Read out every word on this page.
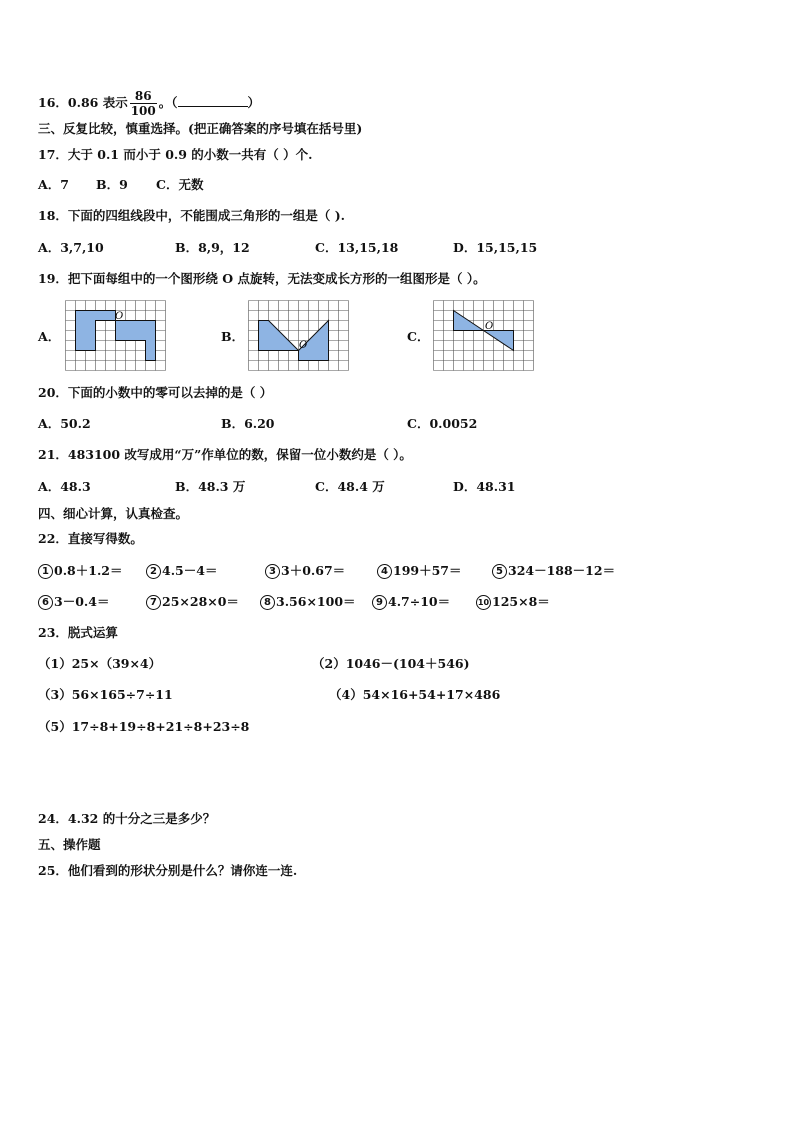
16．0.86 表示 $\frac{86}{100}$ 。（	）
三、反复比较，慎重选择。(把正确答案的序号填在括号里)
17．大于 0.1 而小于 0.9 的小数一共有（ ）个.
A．7 B．9 C．无数
18．下面的四组线段中，不能围成三角形的一组是（ ).
A．3,7,10	B．8,9，12	C．13,15,18	D．15,15,15
19．把下面每组中的一个图形绕 O 点旋转，无法变成长方形的一组图形是（ ）。
A．	B．	C．
O
O
O
20．下面的小数中的零可以去掉的是（ ）
A．50.2	B．6.20	C．0.0052
21．483100 改写成用“万”作单位的数，保留一位小数约是（ ）。
A．48.3	B．48.3 万	C．48.4 万	D．48.31
四、细心计算，认真检查。
22．直接写得数。
1 0.8＋1.2＝	2 4.5－4＝	3 3＋0.67＝	4 199＋57＝	5 324－188－12＝
6 3－0.4＝	7 25×28×0＝	8 3.56×100＝	9 4.7÷10＝	10 125×8＝
23．脱式运算
（1）25×（39×4）	（2）1046－(104＋546)
（3）56×165÷7÷11	（4）54×16+54+17×486
（5）17÷8+19÷8+21÷8+23÷8
24．4.32 的十分之三是多少？
五、操作题
25．他们看到的形状分别是什么？请你连一连.
